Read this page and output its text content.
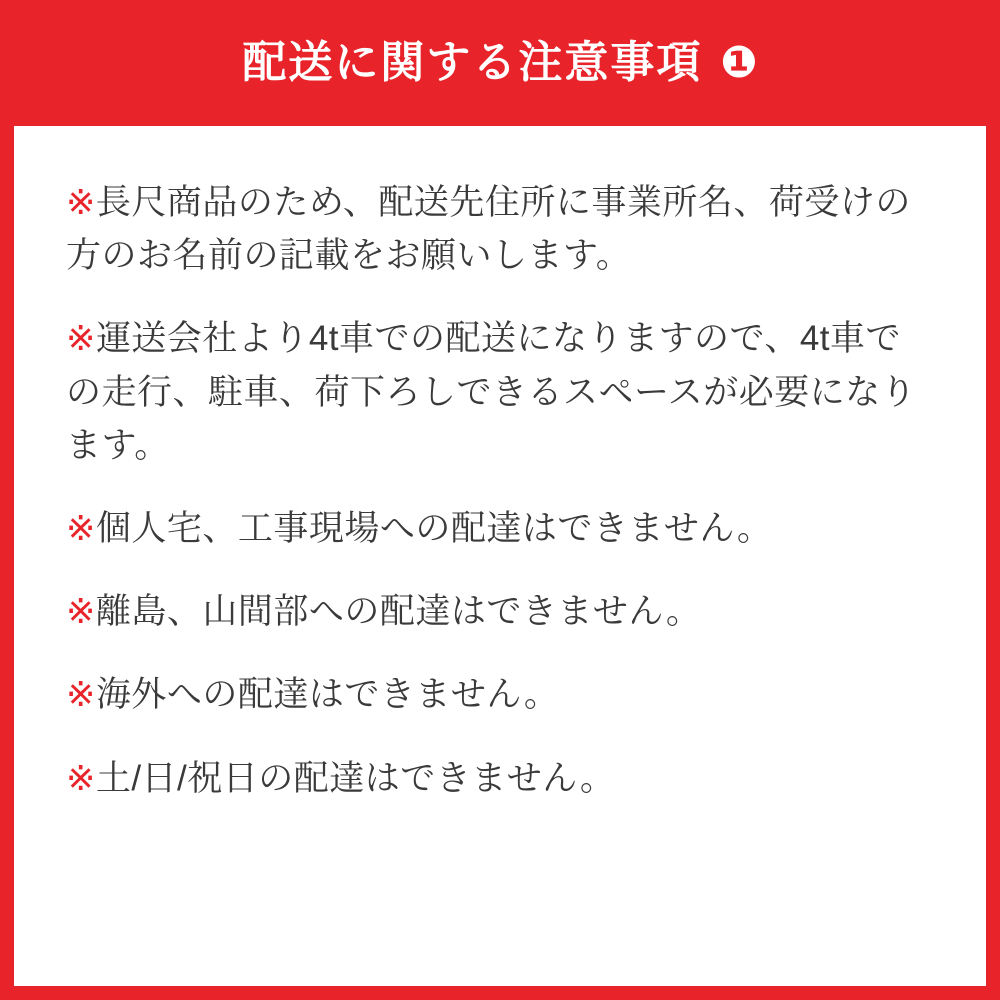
配送に関する注意事項 ❶

※長尺商品のため、配送先住所に事業所名、荷受けの方のお名前の記載をお願いします。

※運送会社より4t車での配送になりますので、4t車での走行、駐車、荷下ろしできるスペースが必要になります。

※個人宅、工事現場への配達はできません。

※離島、山間部への配達はできません。

※海外への配達はできません。

※土/日/祝日の配達はできません。
